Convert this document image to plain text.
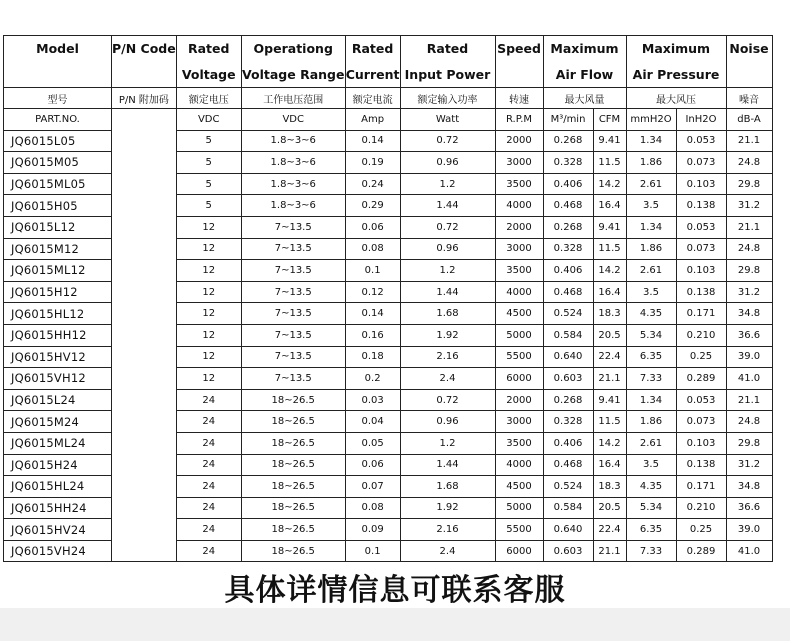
Model	P/N Code	Rated	Operationg	Rated	Rated	Speed	Maximum		Maximum		Noise
		Voltage	Voltage Range	Current	Input Power		Air Flow		Air Pressure		
型号	P/N 附加码	额定电压	工作电压范围	额定电流	额定输入功率	转速	最大风量		最大风压		噪音
PART.NO.		VDC	VDC	Amp	Watt	R.P.M	M³/min	CFM	mmH2O	InH2O	dB-A
JQ6015L05		5	1.8~3~6	0.14	0.72	2000	0.268	9.41	1.34	0.053	21.1
JQ6015M05		5	1.8~3~6	0.19	0.96	3000	0.328	11.5	1.86	0.073	24.8
JQ6015ML05		5	1.8~3~6	0.24	1.2	3500	0.406	14.2	2.61	0.103	29.8
JQ6015H05		5	1.8~3~6	0.29	1.44	4000	0.468	16.4	3.5	0.138	31.2
JQ6015L12		12	7~13.5	0.06	0.72	2000	0.268	9.41	1.34	0.053	21.1
JQ6015M12		12	7~13.5	0.08	0.96	3000	0.328	11.5	1.86	0.073	24.8
JQ6015ML12		12	7~13.5	0.1	1.2	3500	0.406	14.2	2.61	0.103	29.8
JQ6015H12		12	7~13.5	0.12	1.44	4000	0.468	16.4	3.5	0.138	31.2
JQ6015HL12		12	7~13.5	0.14	1.68	4500	0.524	18.3	4.35	0.171	34.8
JQ6015HH12		12	7~13.5	0.16	1.92	5000	0.584	20.5	5.34	0.210	36.6
JQ6015HV12		12	7~13.5	0.18	2.16	5500	0.640	22.4	6.35	0.25	39.0
JQ6015VH12		12	7~13.5	0.2	2.4	6000	0.603	21.1	7.33	0.289	41.0
JQ6015L24		24	18~26.5	0.03	0.72	2000	0.268	9.41	1.34	0.053	21.1
JQ6015M24		24	18~26.5	0.04	0.96	3000	0.328	11.5	1.86	0.073	24.8
JQ6015ML24		24	18~26.5	0.05	1.2	3500	0.406	14.2	2.61	0.103	29.8
JQ6015H24		24	18~26.5	0.06	1.44	4000	0.468	16.4	3.5	0.138	31.2
JQ6015HL24		24	18~26.5	0.07	1.68	4500	0.524	18.3	4.35	0.171	34.8
JQ6015HH24		24	18~26.5	0.08	1.92	5000	0.584	20.5	5.34	0.210	36.6
JQ6015HV24		24	18~26.5	0.09	2.16	5500	0.640	22.4	6.35	0.25	39.0
JQ6015VH24		24	18~26.5	0.1	2.4	6000	0.603	21.1	7.33	0.289	41.0
具体详情信息可联系客服
